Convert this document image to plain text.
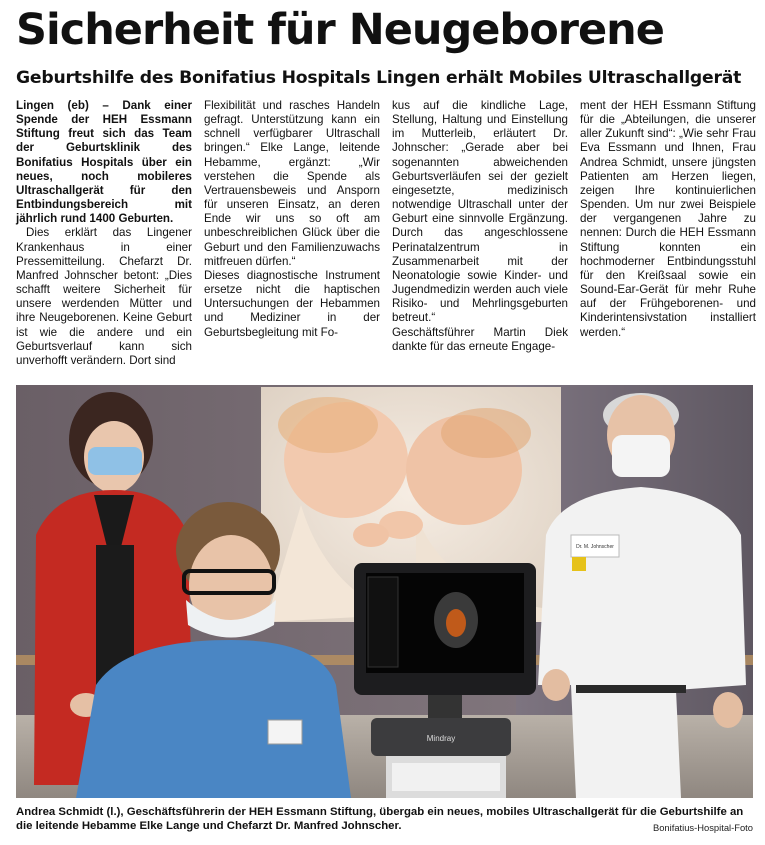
Sicherheit für Neugeborene
Geburtshilfe des Bonifatius Hospitals Lingen erhält Mobiles Ultraschallgerät

Lingen (eb) – Dank einer Spende der HEH Essmann Stiftung freut sich das Team der Geburtsklinik des Bonifatius Hospitals über ein neues, noch mobileres Ultraschallgerät für den Entbindungsbereich mit jährlich rund 1400 Geburten.

Dies erklärt das Lingener Krankenhaus in einer Pressemitteilung. Chefarzt Dr. Manfred Johnscher betont: „Dies schafft weitere Sicherheit für unsere werdenden Mütter und ihre Neugeborenen. Keine Geburt ist wie die andere und ein Geburtsverlauf kann sich unverhofft verändern. Dort sind

Flexibilität und rasches Handeln gefragt. Unterstützung kann ein schnell verfügbarer Ultraschall bringen.“ Elke Lange, leitende Hebamme, ergänzt: „Wir verstehen die Spende als Vertrauensbeweis und Ansporn für unseren Einsatz, an deren Ende wir uns so oft am unbeschreiblichen Glück über die Geburt und den Familienzuwachs mitfreuen dürfen.“

Dieses diagnostische Instrument ersetze nicht die haptischen Untersuchungen der Hebammen und Mediziner in der Geburtsbegleitung mit Fo-

kus auf die kindliche Lage, Stellung, Haltung und Einstellung im Mutterleib, erläutert Dr. Johnscher: „Gerade aber bei sogenannten abweichenden Geburtsverläufen sei der gezielt eingesetzte, medizinisch notwendige Ultraschall unter der Geburt eine sinnvolle Ergänzung. Durch das angeschlossene Perinatalzentrum in Zusammenarbeit mit der Neonatologie sowie Kinder- und Jugendmedizin werden auch viele Risiko- und Mehrlingsgeburten betreut.“

Geschäftsführer Martin Diek dankte für das erneute Engage-

ment der HEH Essmann Stiftung für die „Abteilungen, die unserer aller Zukunft sind“: „Wie sehr Frau Eva Essmann und Ihnen, Frau Andrea Schmidt, unsere jüngsten Patienten am Herzen liegen, zeigen Ihre kontinuierlichen Spenden. Um nur zwei Beispiele der vergangenen Jahre zu nennen: Durch die HEH Essmann Stiftung konnten ein hochmoderner Entbindungsstuhl für den Kreißsaal sowie ein Sound-Ear-Gerät für mehr Ruhe auf der Frühgeborenen- und Kinderintensivstation installiert werden.“

Mindray
Dr. M. Johnscher

Andrea Schmidt (l.), Geschäftsführerin der HEH Essmann Stiftung, übergab ein neues, mobiles Ultraschallgerät für die Geburtshilfe an die leitende Hebamme Elke Lange und Chefarzt Dr. Manfred Johnscher.	Bonifatius-Hospital-Foto
